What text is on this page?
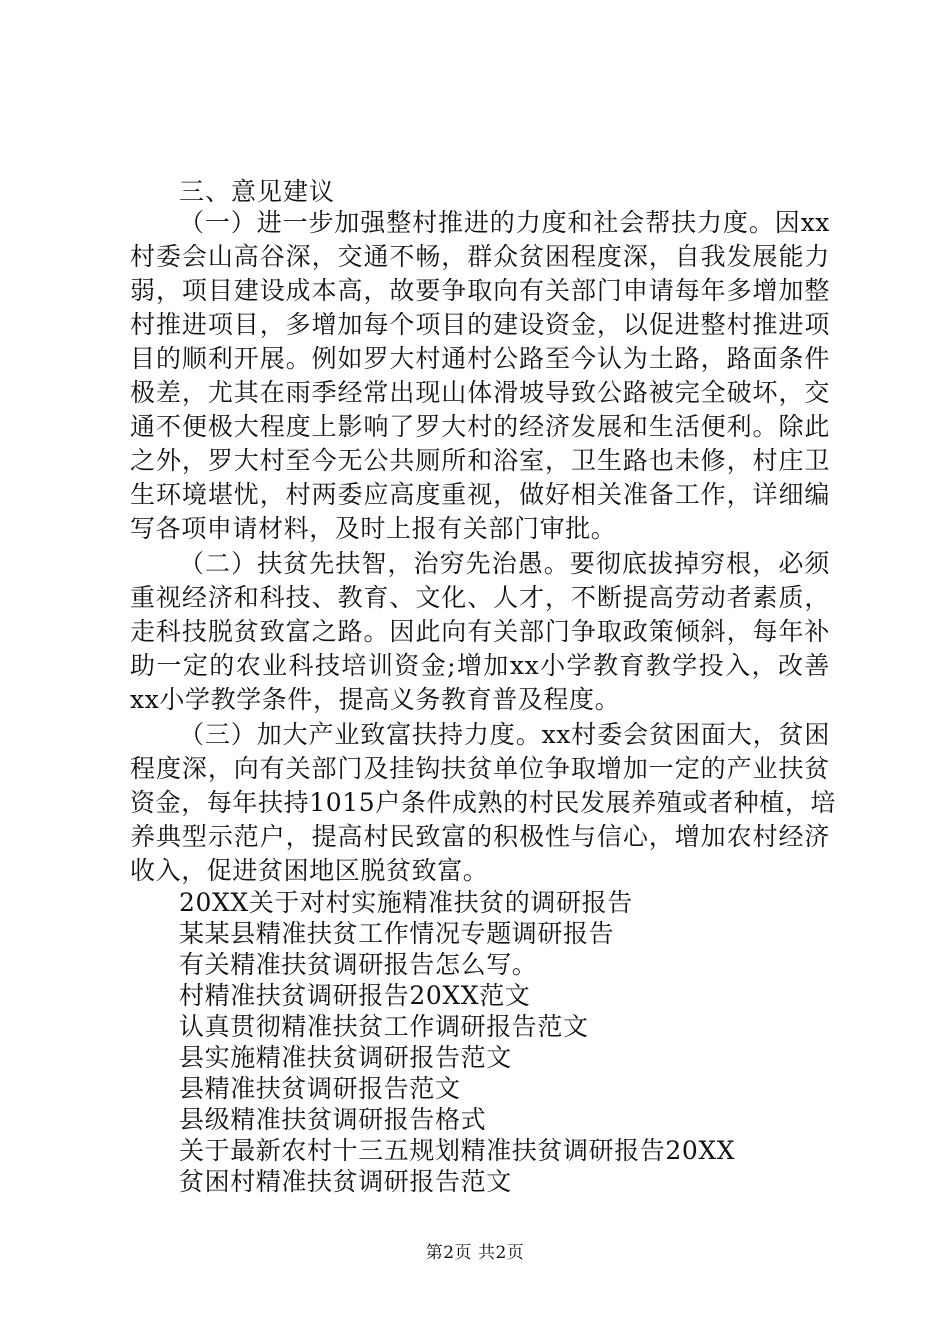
三、意见建议
（一）进一步加强整村推进的力度和社会帮扶力度。因xx
村委会山高谷深，交通不畅，群众贫困程度深，自我发展能力
弱，项目建设成本高，故要争取向有关部门申请每年多增加整
村推进项目，多增加每个项目的建设资金，以促进整村推进项
目的顺利开展。例如罗大村通村公路至今认为土路，路面条件
极差，尤其在雨季经常出现山体滑坡导致公路被完全破坏，交
通不便极大程度上影响了罗大村的经济发展和生活便利。除此
之外，罗大村至今无公共厕所和浴室，卫生路也未修，村庄卫
生环境堪忧，村两委应高度重视，做好相关准备工作，详细编
写各项申请材料，及时上报有关部门审批。
（二）扶贫先扶智，治穷先治愚。要彻底拔掉穷根，必须
重视经济和科技、教育、文化、人才，不断提高劳动者素质，
走科技脱贫致富之路。因此向有关部门争取政策倾斜，每年补
助一定的农业科技培训资金;增加xx小学教育教学投入，改善
xx小学教学条件，提高义务教育普及程度。
（三）加大产业致富扶持力度。xx村委会贫困面大，贫困
程度深，向有关部门及挂钩扶贫单位争取增加一定的产业扶贫
资金，每年扶持1015户条件成熟的村民发展养殖或者种植，培
养典型示范户，提高村民致富的积极性与信心，增加农村经济
收入，促进贫困地区脱贫致富。
20XX关于对村实施精准扶贫的调研报告
某某县精准扶贫工作情况专题调研报告
有关精准扶贫调研报告怎么写。
村精准扶贫调研报告20XX范文
认真贯彻精准扶贫工作调研报告范文
县实施精准扶贫调研报告范文
县精准扶贫调研报告范文
县级精准扶贫调研报告格式
关于最新农村十三五规划精准扶贫调研报告20XX
贫困村精准扶贫调研报告范文
第2页 共2页
